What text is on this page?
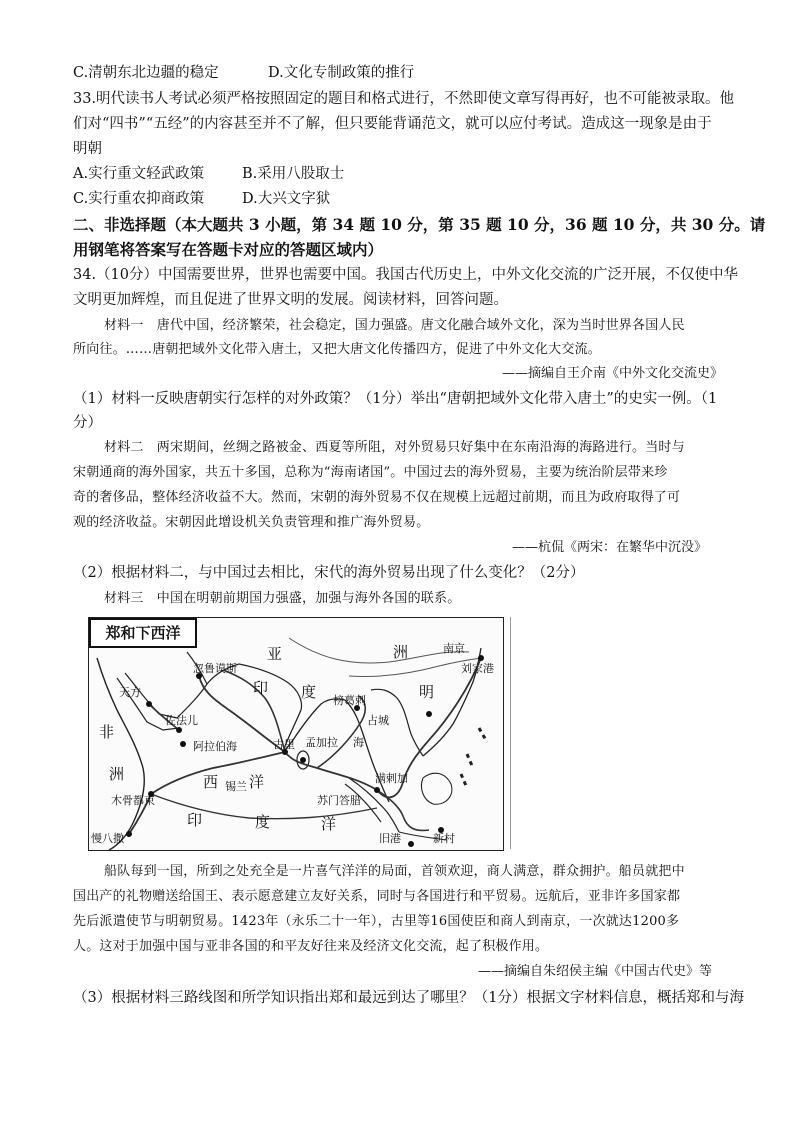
C.清朝东北边疆的稳定	D.文化专制政策的推行
33.明代读书人考试必须严格按照固定的题目和格式进行，不然即使文章写得再好，也不可能被录取。他
们对“四书”“五经”的内容甚至并不了解，但只要能背诵范文，就可以应付考试。造成这一现象是由于
明朝
A.实行重文轻武政策	B.采用八股取士
C.实行重农抑商政策	D.大兴文字狱
二、非选择题（本大题共 3 小题，第 34 题 10 分，第 35 题 10 分，36 题 10 分，共 30 分。请
用钢笔将答案写在答题卡对应的答题区域内）
34.（10分）中国需要世界，世界也需要中国。我国古代历史上，中外文化交流的广泛开展，不仅使中华
文明更加辉煌，而且促进了世界文明的发展。阅读材料，回答问题。
材料一　唐代中国，经济繁荣，社会稳定，国力强盛。唐文化融合域外文化，深为当时世界各国人民
所向往。……唐朝把域外文化带入唐土，又把大唐文化传播四方，促进了中外文化大交流。
——摘编自王介南《中外文化交流史》
（1）材料一反映唐朝实行怎样的对外政策？（1分）举出“唐朝把域外文化带入唐土”的史实一例。（1
分）
材料二　两宋期间，丝绸之路被金、西夏等所阻，对外贸易只好集中在东南沿海的海路进行。当时与
宋朝通商的海外国家，共五十多国，总称为“海南诸国”。中国过去的海外贸易，主要为统治阶层带来珍
奇的奢侈品，整体经济收益不大。然而，宋朝的海外贸易不仅在规模上远超过前期，而且为政府取得了可
观的经济收益。宋朝因此增设机关负责管理和推广海外贸易。
——杭侃《两宋：在繁华中沉没》
（2）根据材料二，与中国过去相比，宋代的海外贸易出现了什么变化？（2分）
材料三　中国在明朝前期国力强盛，加强与海外各国的联系。
郑和下西洋
亚	洲	南京
刘家港
明
忽鲁谟斯
天方	印 度
佐法儿
孟加拉 海
榜葛剌
占城
阿拉伯海	古里
非
洲
木骨都束
西 洋
锡兰
满剌加
苏门答腊
印	度	洋
慢八撒	旧港	新村
船队每到一国，所到之处充全是一片喜气洋洋的局面，首领欢迎，商人满意，群众拥护。船员就把中
国出产的礼物赠送给国王、表示愿意建立友好关系，同时与各国进行和平贸易。远航后，亚非许多国家都
先后派遣使节与明朝贸易。1423年（永乐二十一年），古里等16国使臣和商人到南京，一次就达1200多
人。这对于加强中国与亚非各国的和平友好往来及经济文化交流，起了积极作用。
——摘编自朱绍侯主编《中国古代史》等
（3）根据材料三路线图和所学知识指出郑和最远到达了哪里？（1分）根据文字材料信息，概括郑和与海
